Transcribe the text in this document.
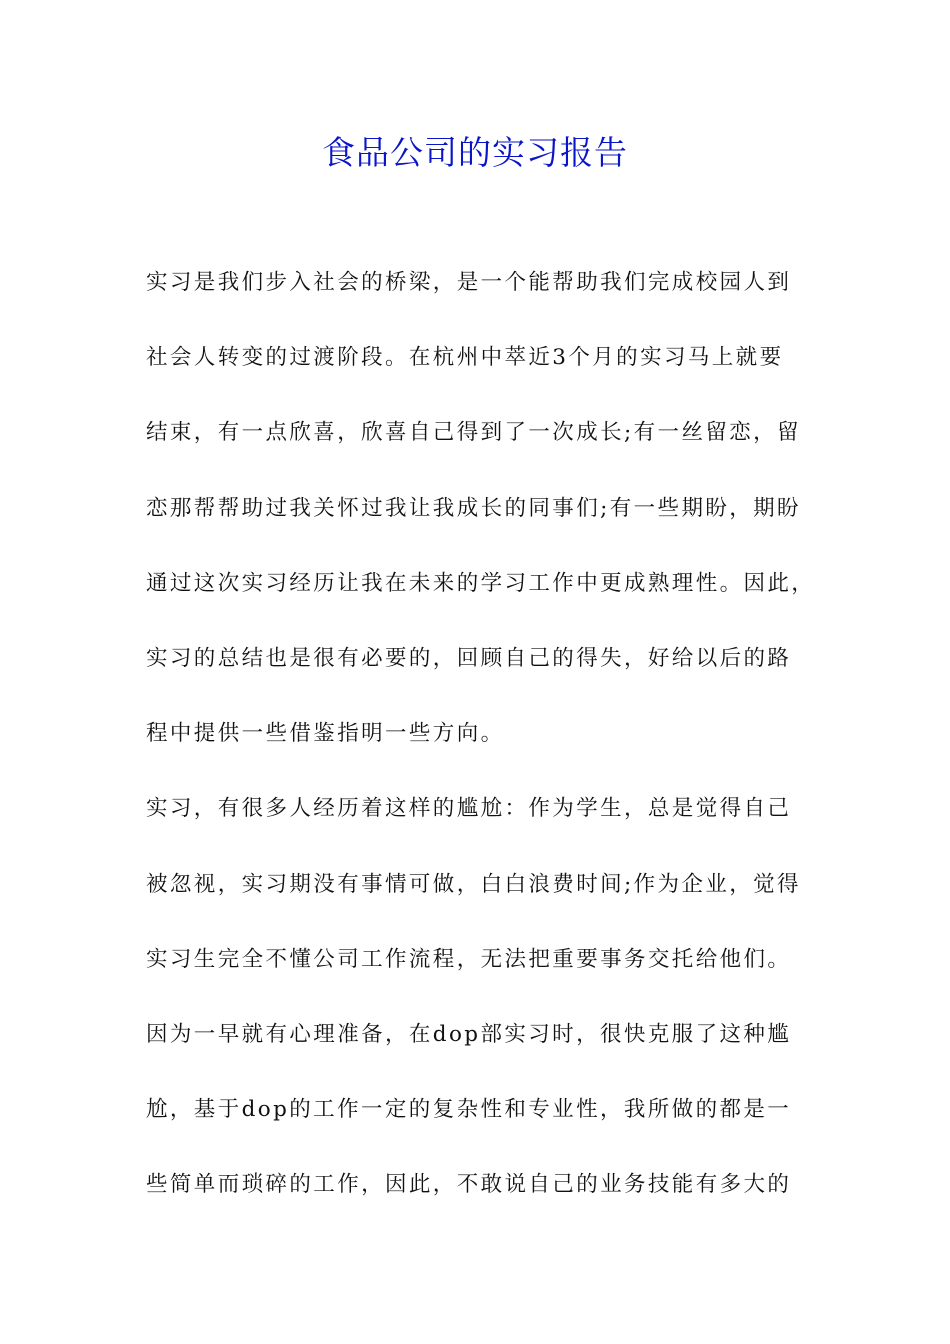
食品公司的实习报告
实习是我们步入社会的桥梁，是一个能帮助我们完成校园人到
社会人转变的过渡阶段。在杭州中萃近3个月的实习马上就要
结束，有一点欣喜，欣喜自己得到了一次成长;有一丝留恋，留
恋那帮帮助过我关怀过我让我成长的同事们;有一些期盼，期盼
通过这次实习经历让我在未来的学习工作中更成熟理性。因此，
实习的总结也是很有必要的，回顾自己的得失，好给以后的路
程中提供一些借鉴指明一些方向。
实习，有很多人经历着这样的尴尬：作为学生，总是觉得自己
被忽视，实习期没有事情可做，白白浪费时间;作为企业，觉得
实习生完全不懂公司工作流程，无法把重要事务交托给他们。
因为一早就有心理准备，在dop部实习时，很快克服了这种尴
尬，基于dop的工作一定的复杂性和专业性，我所做的都是一
些简单而琐碎的工作，因此，不敢说自己的业务技能有多大的
